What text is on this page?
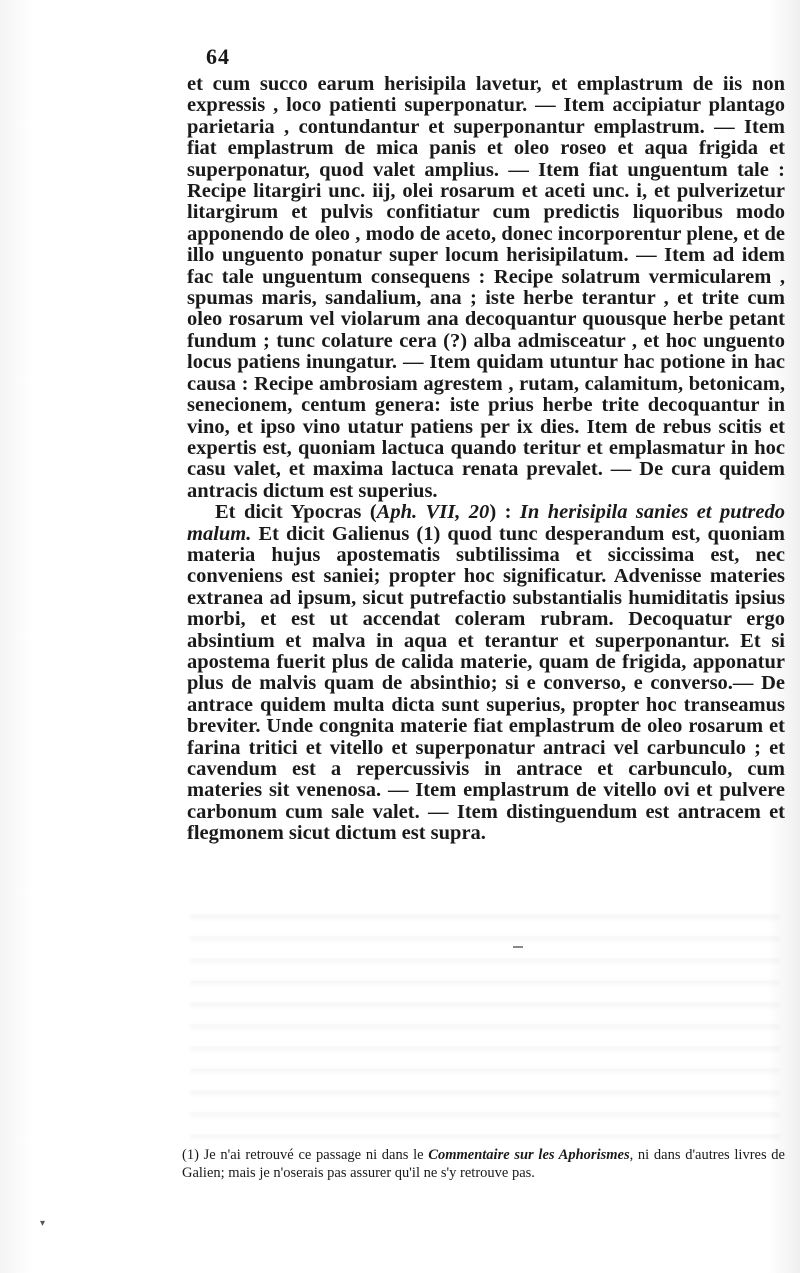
64

et cum succo earum herisipila lavetur, et emplastrum de iis non expressis , loco patienti superponatur. — Item accipiatur plantago parietaria , contundantur et superponantur emplastrum. — Item fiat emplastrum de mica panis et oleo roseo et aqua frigida et superponatur, quod valet amplius. — Item fiat unguentum tale : Recipe litargiri unc. iij, olei rosarum et aceti unc. i, et pulverizetur litargirum et pulvis confitiatur cum predictis liquoribus modo apponendo de oleo , modo de aceto, donec incorporentur plene, et de illo unguento ponatur super locum herisipilatum. — Item ad idem fac tale unguentum consequens : Recipe solatrum vermicularem , spumas maris, sandalium, ana ; iste herbe terantur , et trite cum oleo rosarum vel violarum ana decoquantur quousque herbe petant fundum ; tunc colature cera (?) alba admisceatur , et hoc unguento locus patiens inungatur. — Item quidam utuntur hac potione in hac causa : Recipe ambrosiam agrestem , rutam, calamitum, betonicam, senecionem, centum genera: iste prius herbe trite decoquantur in vino, et ipso vino utatur patiens per ix dies. Item de rebus scitis et expertis est, quoniam lactuca quando teritur et emplasmatur in hoc casu valet, et maxima lactuca renata prevalet. — De cura quidem antracis dictum est superius.

Et dicit Ypocras (Aph. VII, 20) : In herisipila sanies et putredo malum. Et dicit Galienus (1) quod tunc desperandum est, quoniam materia hujus apostematis subtilissima et siccissima est, nec conveniens est saniei; propter hoc significatur. Advenisse materies extranea ad ipsum, sicut putrefactio substantialis humiditatis ipsius morbi, et est ut accendat coleram rubram. Decoquatur ergo absintium et malva in aqua et terantur et superponantur. Et si apostema fuerit plus de calida materie, quam de frigida, apponatur plus de malvis quam de absinthio; si e converso, e converso.— De antrace quidem multa dicta sunt superius, propter hoc transeamus breviter. Unde congnita materie fiat emplastrum de oleo rosarum et farina tritici et vitello et superponatur antraci vel carbunculo ; et cavendum est a repercussivis in antrace et carbunculo, cum materies sit venenosa. — Item emplastrum de vitello ovi et pulvere carbonum cum sale valet. — Item distinguendum est antracem et flegmonem sicut dictum est supra.

(1) Je n'ai retrouvé ce passage ni dans le Commentaire sur les Aphorismes, ni dans d'autres livres de Galien; mais je n'oserais pas assurer qu'il ne s'y retrouve pas.
▾
